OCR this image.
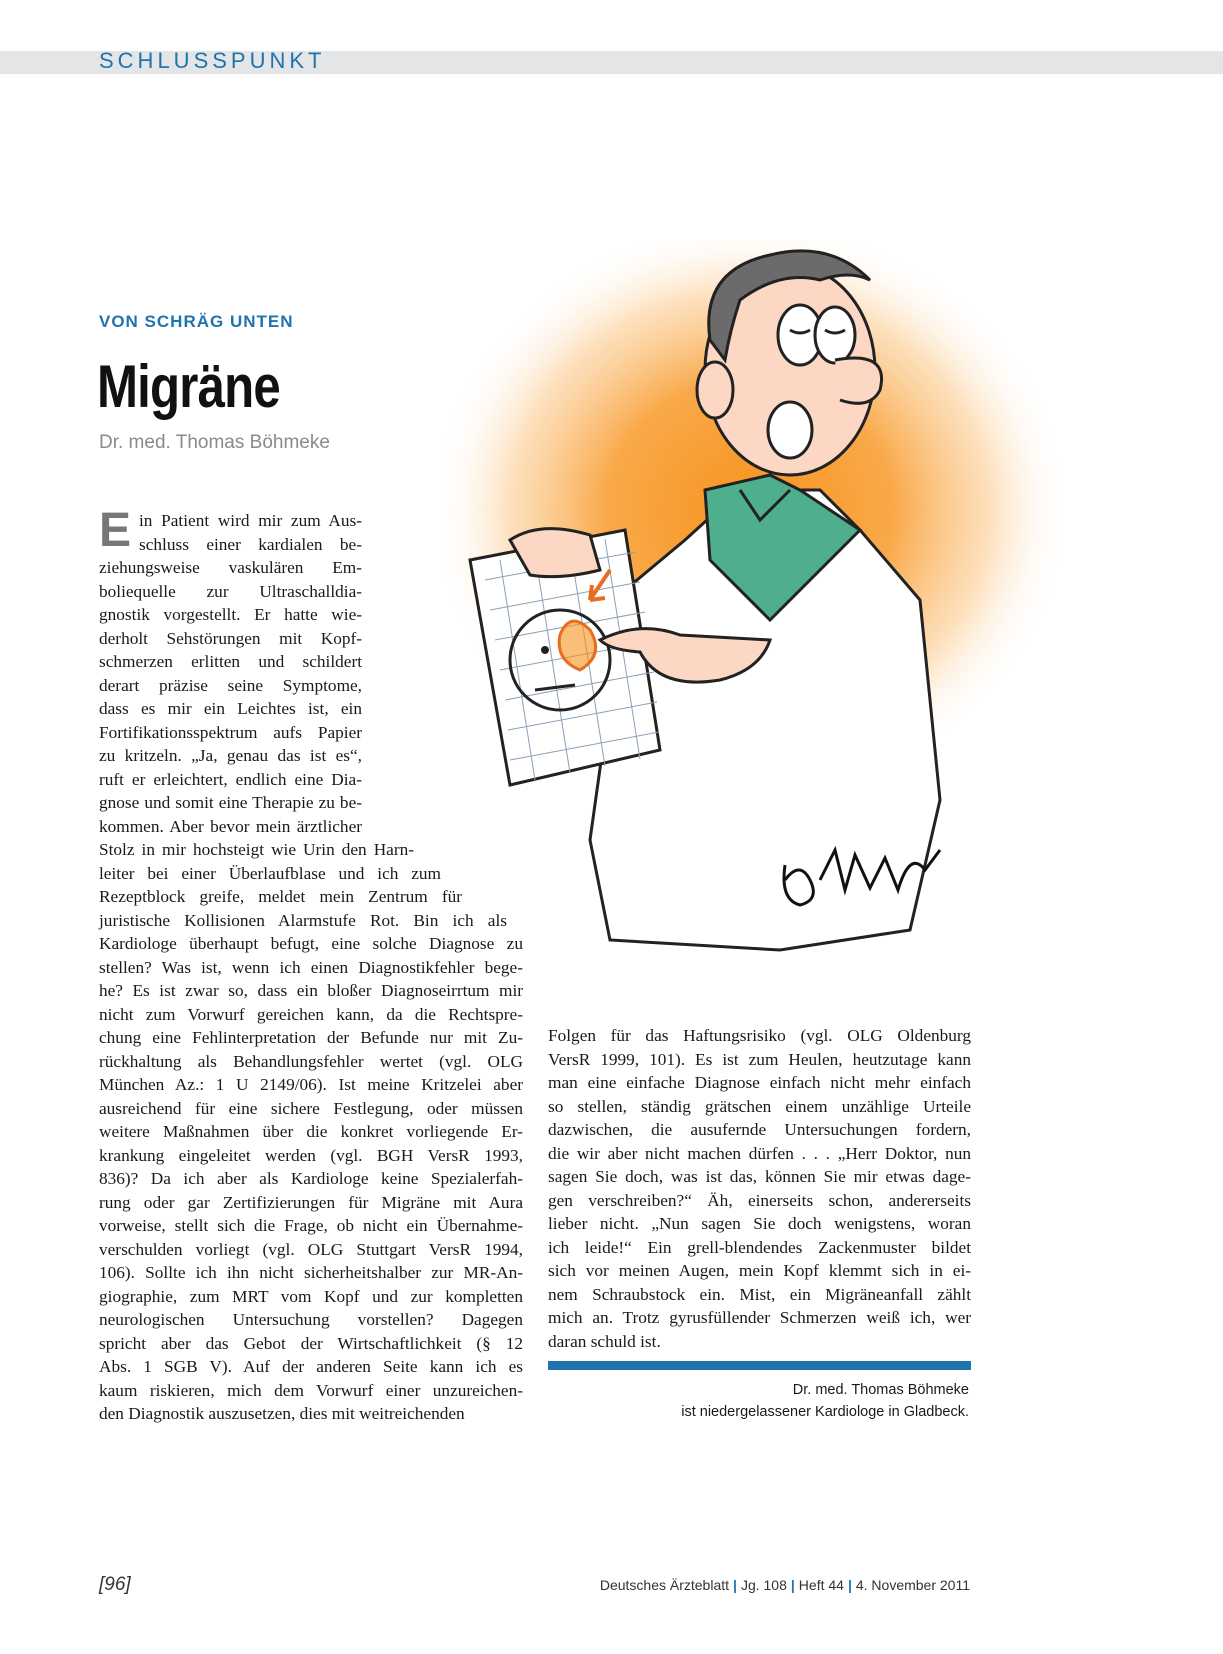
SCHLUSSPUNKT
VON SCHRÄG UNTEN
Migräne
Dr. med. Thomas Böhmeke
E in Patient wird mir zum Aus-
schluss einer kardialen be-
ziehungsweise vaskulären Em-
boliequelle zur Ultraschalldia-
gnostik vorgestellt. Er hatte wie-
derholt Sehstörungen mit Kopf-
schmerzen erlitten und schildert
derart präzise seine Symptome,
dass es mir ein Leichtes ist, ein
Fortifikationsspektrum aufs Papier
zu kritzeln. „Ja, genau das ist es“,
ruft er erleichtert, endlich eine Dia-
gnose und somit eine Therapie zu be-
kommen. Aber bevor mein ärztlicher
Stolz in mir hochsteigt wie Urin den Harn-
leiter bei einer Überlaufblase und ich zum
Rezeptblock greife, meldet mein Zentrum für
juristische Kollisionen Alarmstufe Rot. Bin ich als
Kardiologe überhaupt befugt, eine solche Diagnose zu
stellen? Was ist, wenn ich einen Diagnostikfehler bege-
he? Es ist zwar so, dass ein bloßer Diagnoseirrtum mir
nicht zum Vorwurf gereichen kann, da die Rechtspre-
chung eine Fehlinterpretation der Befunde nur mit Zu-
rückhaltung als Behandlungsfehler wertet (vgl. OLG
München Az.: 1 U 2149/06). Ist meine Kritzelei aber
ausreichend für eine sichere Festlegung, oder müssen
weitere Maßnahmen über die konkret vorliegende Er-
krankung eingeleitet werden (vgl. BGH VersR 1993,
836)? Da ich aber als Kardiologe keine Spezialerfah-
rung oder gar Zertifizierungen für Migräne mit Aura
vorweise, stellt sich die Frage, ob nicht ein Übernahme-
verschulden vorliegt (vgl. OLG Stuttgart VersR 1994,
106). Sollte ich ihn nicht sicherheitshalber zur MR-An-
giographie, zum MRT vom Kopf und zur kompletten
neurologischen Untersuchung vorstellen? Dagegen
spricht aber das Gebot der Wirtschaftlichkeit (§ 12
Abs. 1 SGB V). Auf der anderen Seite kann ich es
kaum riskieren, mich dem Vorwurf einer unzureichen-
den Diagnostik auszusetzen, dies mit weitreichenden
Folgen für das Haftungsrisiko (vgl. OLG Oldenburg
VersR 1999, 101). Es ist zum Heulen, heutzutage kann
man eine einfache Diagnose einfach nicht mehr einfach
so stellen, ständig grätschen einem unzählige Urteile
dazwischen, die ausufernde Untersuchungen fordern,
die wir aber nicht machen dürfen . . . „Herr Doktor, nun
sagen Sie doch, was ist das, können Sie mir etwas dage-
gen verschreiben?“ Äh, einerseits schon, andererseits
lieber nicht. „Nun sagen Sie doch wenigstens, woran
ich leide!“ Ein grell-blendendes Zackenmuster bildet
sich vor meinen Augen, mein Kopf klemmt sich in ei-
nem Schraubstock ein. Mist, ein Migräneanfall zählt
mich an. Trotz gyrusfüllender Schmerzen weiß ich, wer
daran schuld ist.
Dr. med. Thomas Böhmeke
ist niedergelassener Kardiologe in Gladbeck.
[96]	Deutsches Ärzteblatt | Jg. 108 | Heft 44 | 4. November 2011
